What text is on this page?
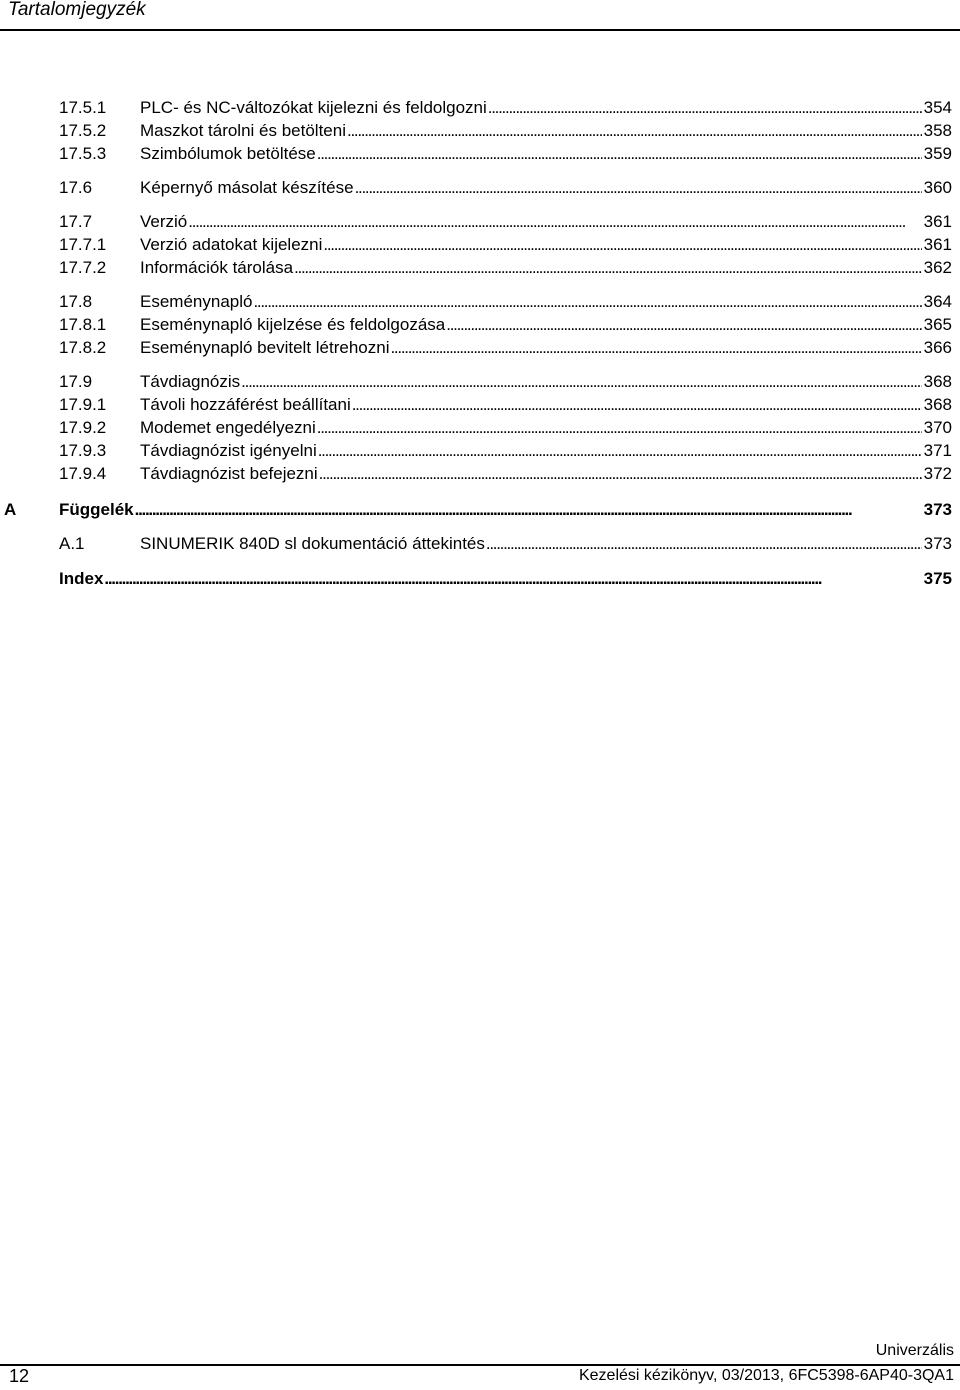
Tartalomjegyzék
17.5.1 PLC- és NC-változókat kijelezni és feldolgozni . . .	354
17.5.2 Maszkot tárolni és betölteni . . .	358
17.5.3 Szimbólumok betöltése . . .	359
17.6	Képernyő másolat készítése . . .	360
17.7	Verzió . . .	361
17.7.1 Verzió adatokat kijelezni . . .	361
17.7.2 Információk tárolása . . .	362
17.8	Eseménynapló . . .	364
17.8.1 Eseménynapló kijelzése és feldolgozása . . .	365
17.8.2 Eseménynapló bevitelt létrehozni . . .	366
17.9	Távdiagnózis . . .	368
17.9.1 Távoli hozzáférést beállítani . . .	368
17.9.2 Modemet engedélyezni . . .	370
17.9.3 Távdiagnózist igényelni . . .	371
17.9.4 Távdiagnózist befejezni . . .	372
A	Függelék . . .	373
A.1	SINUMERIK 840D sl dokumentáció áttekintés . . .	373
Index . . .	375
Univerzális
12	Kezelési kézikönyv, 03/2013, 6FC5398-6AP40-3QA1
